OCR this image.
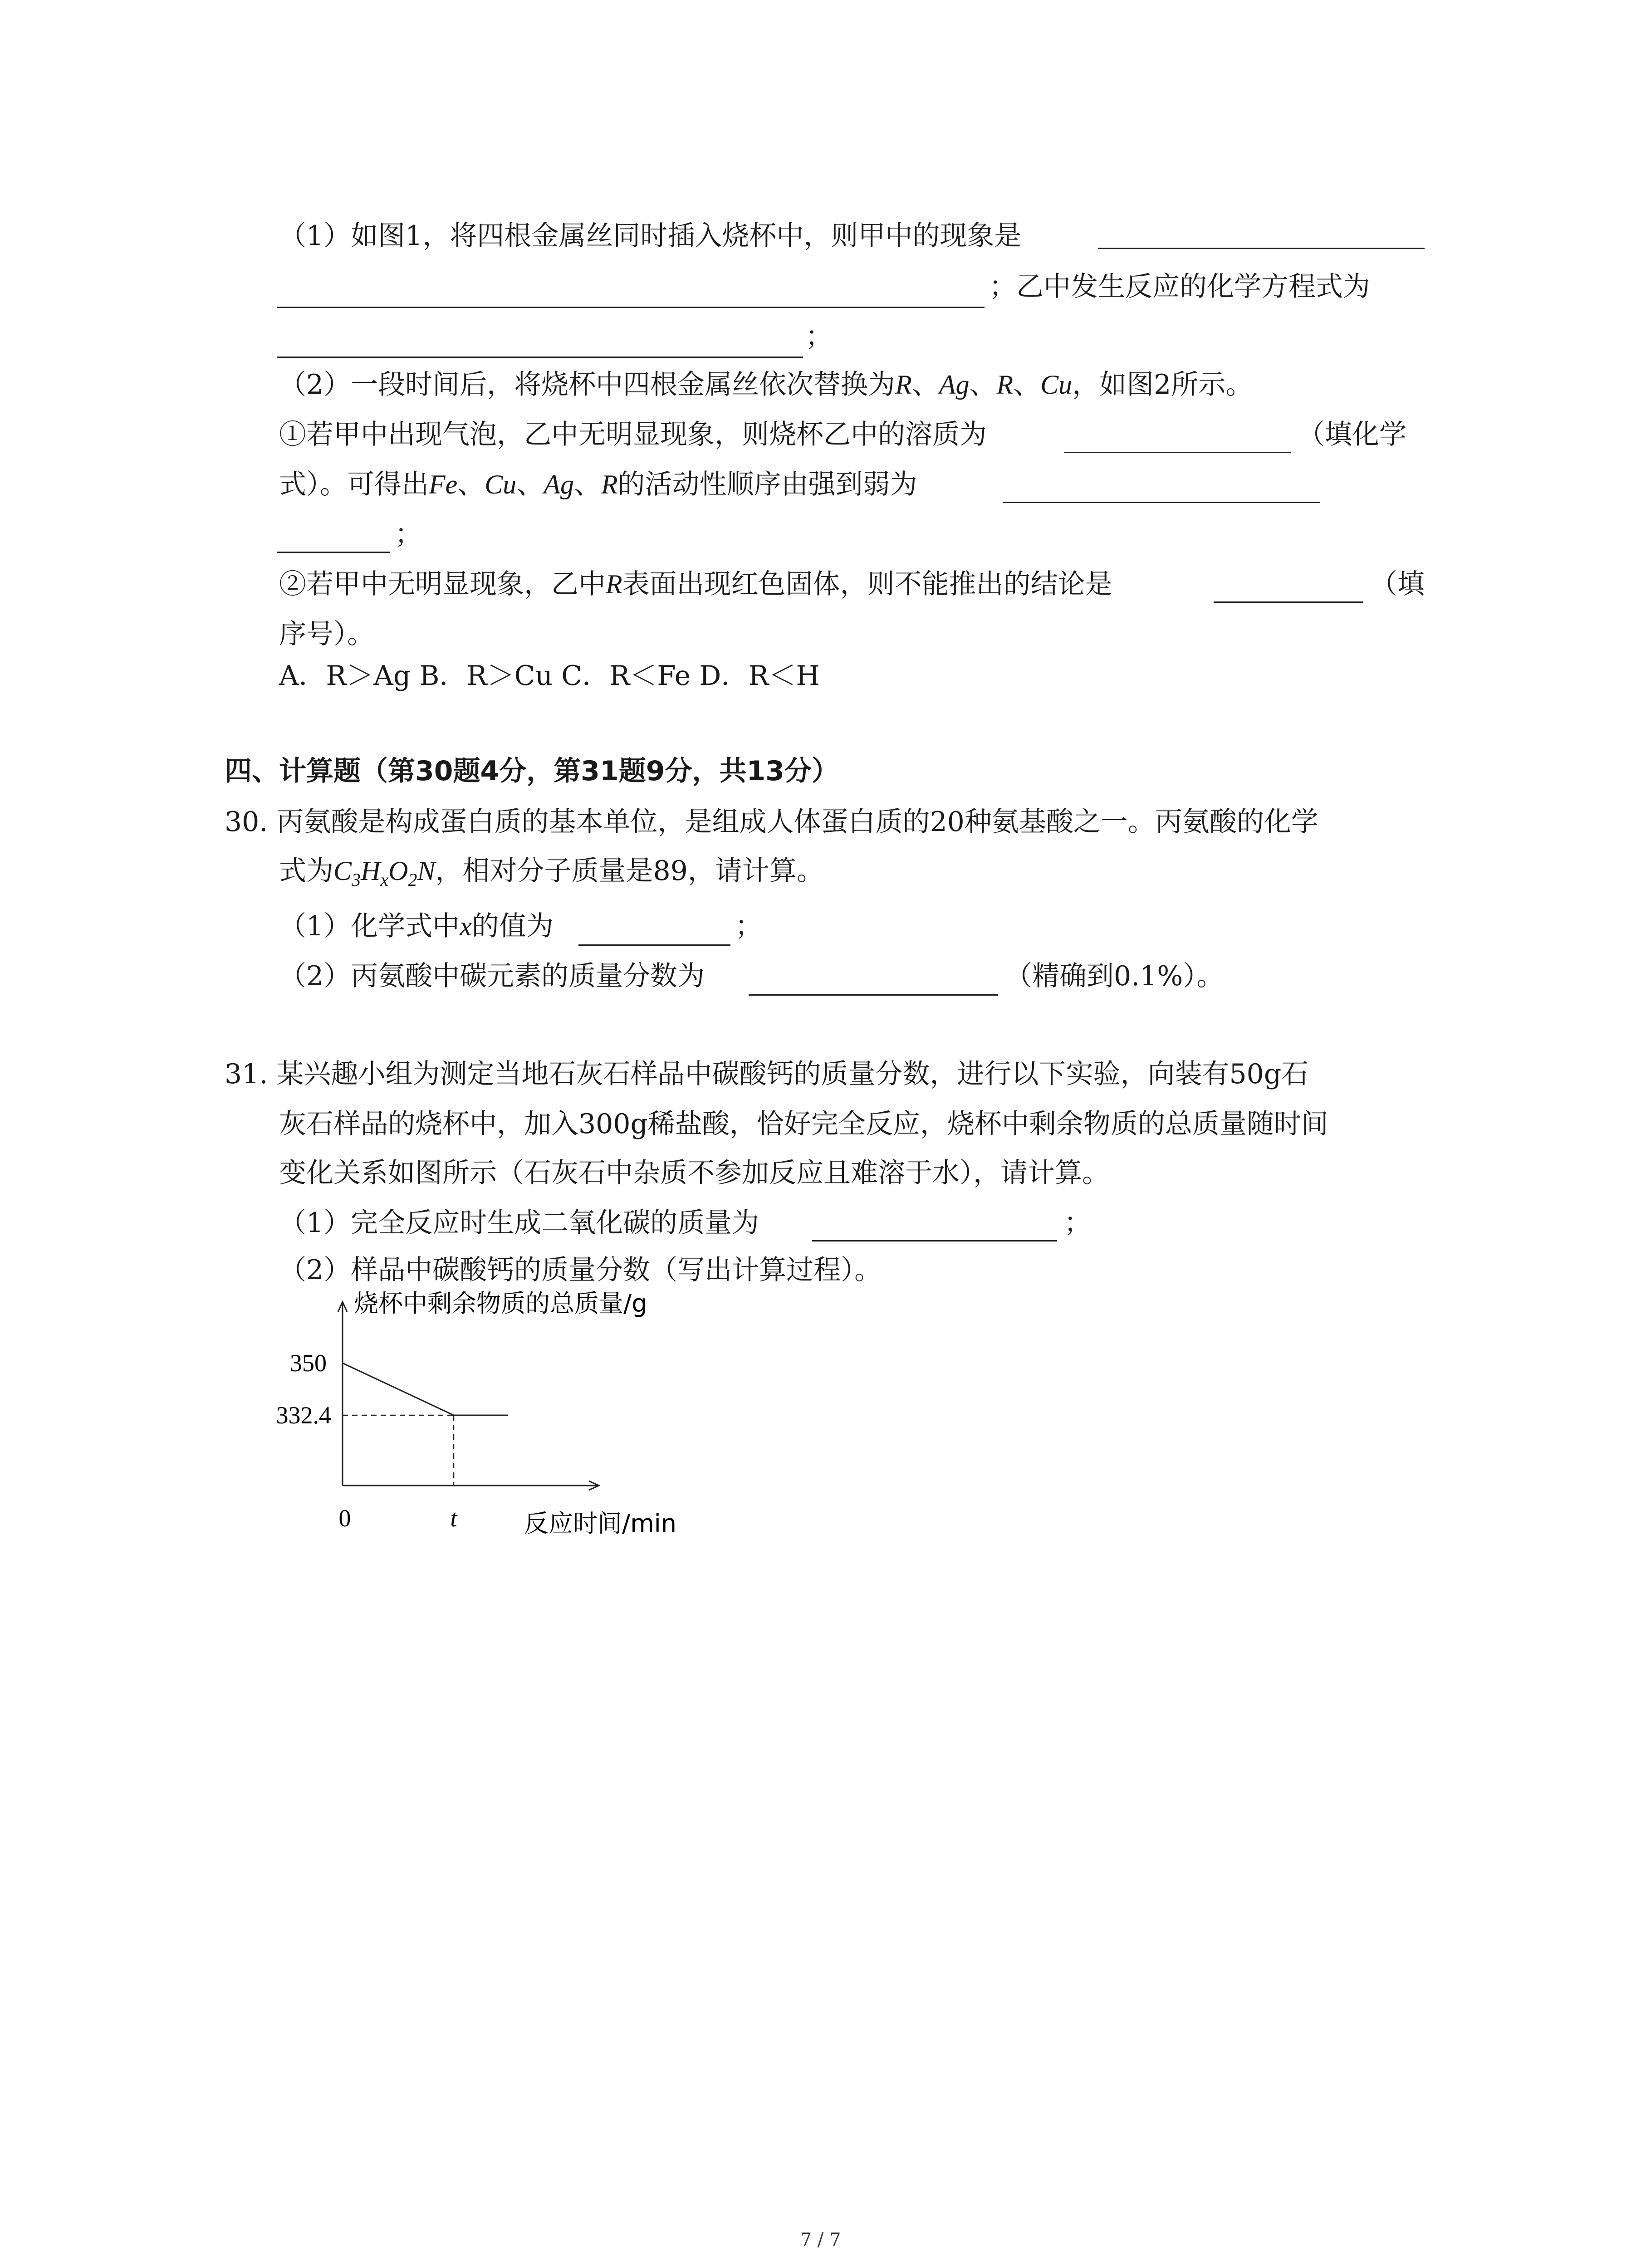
（1）如图1，将四根金属丝同时插入烧杯中，则甲中的现象是
；乙中发生反应的化学方程式为
；
（2）一段时间后，将烧杯中四根金属丝依次替换为R、Ag、R、Cu，如图2所示。
①若甲中出现气泡，乙中无明显现象，则烧杯乙中的溶质为	（填化学
式）。可得出Fe、Cu、Ag、R的活动性顺序由强到弱为
；
②若甲中无明显现象，乙中R表面出现红色固体，则不能推出的结论是	（填
序号）。
A．R＞Ag B．R＞Cu C．R＜Fe D．R＜H
四、计算题（第30题4分，第31题9分，共13分）
30. 丙氨酸是构成蛋白质的基本单位，是组成人体蛋白质的20种氨基酸之一。丙氨酸的化学
式为$C_3H_xO_2N$，相对分子质量是89，请计算。
（1）化学式中x的值为	；
（2）丙氨酸中碳元素的质量分数为	（精确到0.1%）。
31. 某兴趣小组为测定当地石灰石样品中碳酸钙的质量分数，进行以下实验，向装有50g石
灰石样品的烧杯中，加入300g稀盐酸，恰好完全反应，烧杯中剩余物质的总质量随时间
变化关系如图所示（石灰石中杂质不参加反应且难溶于水），请计算。
（1）完全反应时生成二氧化碳的质量为	；
（2）样品中碳酸钙的质量分数（写出计算过程）。
烧杯中剩余物质的总质量/g
反应时间/min
350
332.4
0	t
7 / 7
